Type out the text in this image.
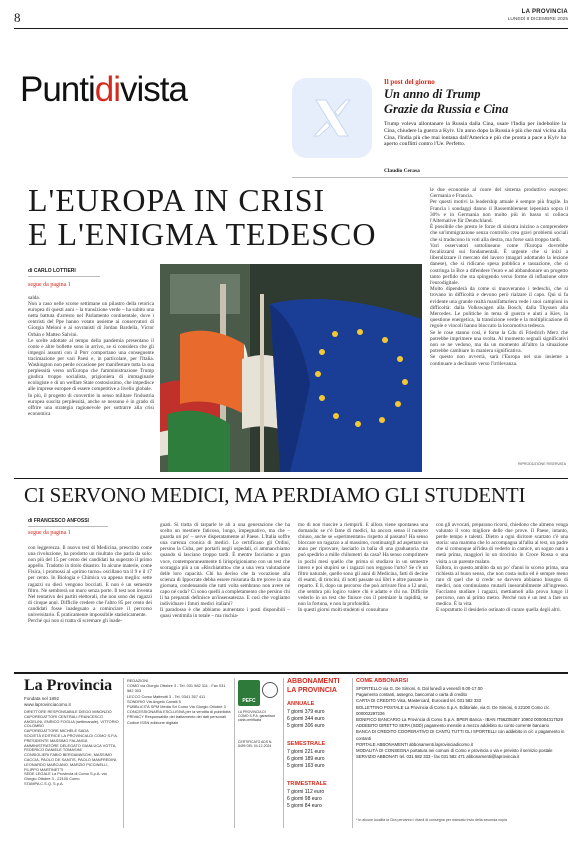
8	LA PROVINCIA
LUNEDÌ 8 DICEMBRE 2025
Puntidivista	Il post del giorno
Un anno di Trump
Grazie da Russia e Cina
Trump voleva allontanare la Russia dalla Cina, usare l'India per indebolire la Cina, chiudere la guerra a Kyiv. Un anno dopo la Russia è più che mai vicina alla Cina, l'India più che mai lontana dall'America e più che pronta a pace a Kyiv ha aperto conflitti contro l'Ue. Perfetto.
Claudio Cerasa
L'EUROPA IN CRISI
E L'ENIGMA TEDESCO
di CARLO LOTTIERI
segue da pagina 1
salda.
Non a caso nelle scorse settimane un pilastro della retorica europea di questi anni – la transizione verde – ha subito una netta battuta d'arresto nel Parlamento continentale, dove i centristi del Ppe hanno votato assieme ai conservatori di Giorgia Meloni e ai sovranisti di Jordan Bardella, Victor Orbàn e Matteo Salvini.
Le scelte adottate al tempo della pandemia presentano il conto e altre bollette sono in arrivo, se si considera che gli impegni assunti con il Pnrr comportano una conseguente tracimazione per vari Paesi e, in particolare, per l'Italia. Washington non perde occasione per manifestare tutta la sua perplessità verso un'Europa che l'amministrazione Trump giudica troppo socialista, prigioniera di immaginarie ecologiste e di un welfare State costosissimo, che impedisce alle imprese europee di essere competitive a livello globale.
In più, il progetto di convertire in senso militare l'industria europea suscita perplessità, anche se nessuno è in grado di offrire una strategia ragionevole per sottrarre alla crisi economica
le due economie al cuore del sistema produttivo europeo: Germania e Francia.
Per questi motivi la leadership attuale è sempre più fragile. In Francia i sondaggi danno il Rassemblement lepenista sopra il 30% e in Germania non molto più in basso si colloca l'Alternative für Deutschland.
È possibile che presto le forze di sinistra inizino a comprendere che un'immigrazione senza controllo crea gravi problemi sociali che si traducono in voti alla destra, ma forse sarà troppo tardi.
Vari osservatori sottolineano come l'Europa dovrebbe focalizzarsi sui fondamentali. È urgente che si inizi a liberalizzare il mercato del lavoro (magari adottando la lezione danese), che si ridicano spesa pubblica e tassazione, che si costringa la Bce a difendere l'euro e ad abbandonare un progetto tanto perfido che sta spingendo verso forme di inflazione oltre l'eurodigitale.
Molto dipenderà da come si muoveranno i tedeschi, che si trovano in difficoltà e devono però rialzare il capo. Qui si fa evidente una grande realtà manifatturiera vede i suoi campioni in difficoltà: dalla Volkswagen alla Bosch, dalla Thyssen alla Mercedes. Le politiche in tema di guerra e aiuti a Kiev, la questione energetica, la transizione verde e la moltiplicazione di regole e vincoli hanno bloccato la locomotiva tedesca.
Se le cose stanno così, è forse la Cdu di Friedrich Merz che potrebbe imprimere una svolta. Al momento segnali significativi non se ne vedono, ma da un momento all'altro la situazione potrebbe cambiare in maniera significativa.
Se questo non avverrà, sarà l'Europa nel suo insieme a continuare a declinare verso l'irrilevanza.
RIPRODUZIONE RISERVATA
CI SERVONO MEDICI, MA PERDIAMO GLI STUDENTI
di FRANCESCO ANFOSSI
segue da pagina 1
con leggerezza. Il nuovo test di Medicina, prescritto come una rivoluzione, ha prodotto un risultato che parla da solo: non più del 15 per cento dei candidati ha superato il primo appello. Tradotto in titolo disastro. In alcune materie, come Fisica, i promossi al «primo turno» oscillano tra il 9 e il 17 per cento. In Biologia e Chimica va appena meglio: sette ragazzi su dieci vengono bocciati. E non è un semestre filtro. Ne sembrerà un muro senza porte. Il test non inventa Nel tentativo dei partiti elettorali, che non sono dei ragazzi di cinque anni. Difficile credere che l'altro 85 per cento dei candidati fosse inadeguato a cominciare il percorso universitario. È praticamente impossibile statisticamente.
Perché qui non si tratta di scremare gli inade-
guati. Si tratta di tarparle le ali a una generazione che ha scelto un mestiere faticoso, lungo, impegnativo, ma che – guarda un po' – serve disperatamente al Paese. L'Italia soffre una carenza cronica di medici. Lo certificano gli Ordini, persino la Cuba, per portarli negli ospedali, ci ammanchiamo quando si lasciano troppo tardi. È mentre facciamo a gran voce, contemporaneamente ti lirisprigioniamo con un test che scoraggia più a un «Rischiatutto» che a una vera valutazione delle loro capacità. Chi ha deciso che la vocazione alla scienza di Ippocrate debba essere misurata da tre prove in una giornata, condensando che tutti volta sembrano non avere né capo né coda? Ci sono quelli a completamento che persino chi li ha preparati definisce un'insensatezza. E così che vogliamo individuare i futuri medici italiani?
Il paradosso è che abbiamo aumentato i posti disponibili – quasi ventimila in totale – ma rischia-
mo di non riuscire a riempirli. E allora viene spontanea una domanda: se c'è fame di medici, ha ancora senso il numero chiuso, anche se «sperimentato» rispetto al passato? Ha senso bloccare un ragazzo a al massimo, continuargli ad aspettare un anno per riprovare, lasciarlo in balìa di una graduatoria che può spedirlo a mille chilometri da casa? Ha senso comprimere in pochi mesi quello che prima si studiava in un semestre intero e poi stupirsi se i ragazzi non reggono l'urto? Se c'è un filtro naturale, quello sono gli anni di Medicina, fatti di decine di esami, di tirocini, di notti passate sui libri e altre passate in reparto. E lì, dopo un percorso che può arrivare fino a 12 anni, che sembra più logico valere chi è adatto e chi no. Difficile vederlo in un test che finisce con il premiare la rapidità, se non la fortuna, e non la profondità.
In questi giorni molti studenti si consultano
con gli avvocati, preparano ricorsi, chiedono che almeno venga valutato il voto migliore delle due prove. Il Paese, intanto, perde tempo e talenti. Dietro a ogni dicitore scartato c'è una storia: una mamma che lo accompagna all'alba al test, un padre che si comunque all'idea di vederlo in camice, un sogno nato a metà prima, maggiori lo un tirocinio in Croce Rossa o una visita a un parente malato.
Eallora, in questo ambito da un po' d'anni lo scorso prima, una richiesta al buon senso, che non costa nulla ed è sempre meno raro di quel che si crede: se davvero abbiamo bisogno di medici, non continuiamo mutarli inesorabilmente all'ingresso. Facciamo studiare i ragazzi, mettiamoli alla prova lungo il percorso, non al primo metro. Perché non è un test a fare un medico. È la vita.
E soprattutto il desiderio ostinato di curare quella degli altri.
La Provincia
Fondata nel 1892
www.laprovinciacomo.it
DIRETTORE RESPONSABILE DIEGO MINONZIO
CAPOREDATTORI CENTRALI FRANCESCO ANGELINI, ENRICO FOGLIA (settimanale), VITTORIO COLOMBO
CAPOREDATTORE MICHELE SADA
SOCIETÀ EDITRICE LA PROVINCIA DI COMO S.P.A.
PRESIDENTE MASSIMO FALANGA
AMMINISTRATORE DELEGATO GIANLUCA VOTTA, FEDERICO DANIELE TOMASINI
CONSIGLIERI FABIO BERGAMASCHI, MASSIMO CACCIA, PAOLO DE SANTIS, PAOLO MANFREDINI, LEONARDO MARCIANO, MARZIO PICCINELLI, FILIPPO MARTINETTI
SEDE LEGALE La Provincia di Como S.p.A. via Giorgio Ottobre 3 - 22100 Como
STAMPA C.S.Q. S.p.A.
REDAZIONI
COMO via Giorgio Ottobre 3 - Tel. 031 582 311 - Fax 031 582 303
LECCO Corso Matteotti 3 - Tel. 0341 357 411
SONDRIO Via Angelo Cavalli 5
PUBBLICITÀ SPM Media Srl Como Via Giorgio Ottobre 3
CONCESSIONARIA ESCLUSIVA per la vendita di pubblicità
PRIVACY Responsabile del trattamento dei dati personali
Codice ISSN edizione digitale
PEFC
LA PROVINCIA DI COMO S.P.A. garantisce carta certificata
CERTIFICATO ADS N. 8499 DEL 04-12-2024
ABBONAMENTI
LA PROVINCIA
ANNUALE
7 giorni 379 euro
6 giorni 344 euro
5 giorni 306 euro
SEMESTRALE
7 giorni 221 euro
6 giorni 189 euro
5 giorni 163 euro
TRIMESTRALE
7 giorni 112 euro
6 giorni 98 euro
5 giorni 84 euro
COME ABBONARSI
SPORTELLO via G. De Simoni, 6. Dal lunedì a venerdì 9.00-17.00
Pagamento contanti, assegno, bancomat o carta di credito
CARTA DI CREDITO Visa, Mastercard, Eurocard tel. 031 582 333
BOLLETTINO POSTALE La Provincia di Como S.p.A. Editoriale, via G. De Simoni, 6 22100 Como c/c 000002297226
BONIFICO BANCARIO La Provincia di Como S.p.A. BPER Banca - IBAN IT56Z05387 10902 000004317529
ADDEBITO DIRETTO SEPA (SDD) pagamento mensile a mezzo addebito su conto corrente bancario
BANCA DI CREDITO COOPERATIVO DI CANTÙ TUTTI GLI SPORTELLI con addebito in c/c o pagamento in contanti
PORTALE ABBONAMENTI abbonamenti.laprovinciadicomo.it
MODALITÀ DI CONSEGNA portatura nei comuni di Como e provincia o via e previsto il servizio postale
SERVIZIO ABBONATI tel. 031 582 333 - fax 031 582 471 abbonamenti@laprovincia.it
* In alcune località la Cira pervanno i ritardi di consegna per mancato invio della seconda copia
